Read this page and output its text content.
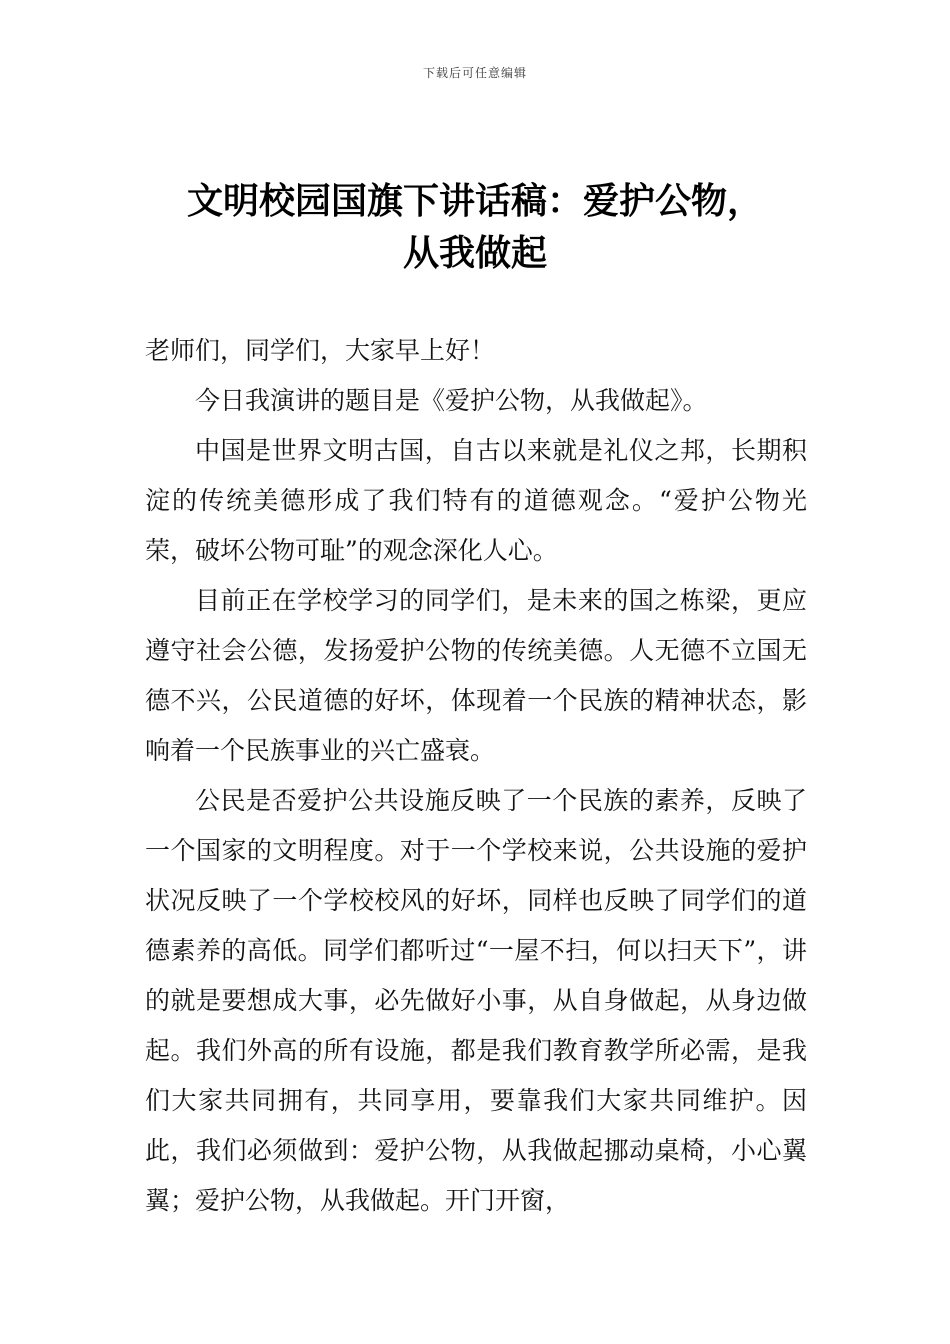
下载后可任意编辑
文明校园国旗下讲话稿：爱护公物，
从我做起

老师们，同学们，大家早上好！

今日我演讲的题目是《爱护公物，从我做起》。

中国是世界文明古国，自古以来就是礼仪之邦，长期积淀的传统美德形成了我们特有的道德观念。“爱护公物光荣，破坏公物可耻”的观念深化人心。

目前正在学校学习的同学们，是未来的国之栋梁，更应遵守社会公德，发扬爱护公物的传统美德。人无德不立国无德不兴，公民道德的好坏，体现着一个民族的精神状态，影响着一个民族事业的兴亡盛衰。

公民是否爱护公共设施反映了一个民族的素养，反映了一个国家的文明程度。对于一个学校来说，公共设施的爱护状况反映了一个学校校风的好坏，同样也反映了同学们的道德素养的高低。同学们都听过“一屋不扫，何以扫天下”，讲的就是要想成大事，必先做好小事，从自身做起，从身边做起。我们外高的所有设施，都是我们教育教学所必需，是我们大家共同拥有，共同享用，要靠我们大家共同维护。因此，我们必须做到：爱护公物，从我做起挪动桌椅，小心翼翼；爱护公物，从我做起。开门开窗，
